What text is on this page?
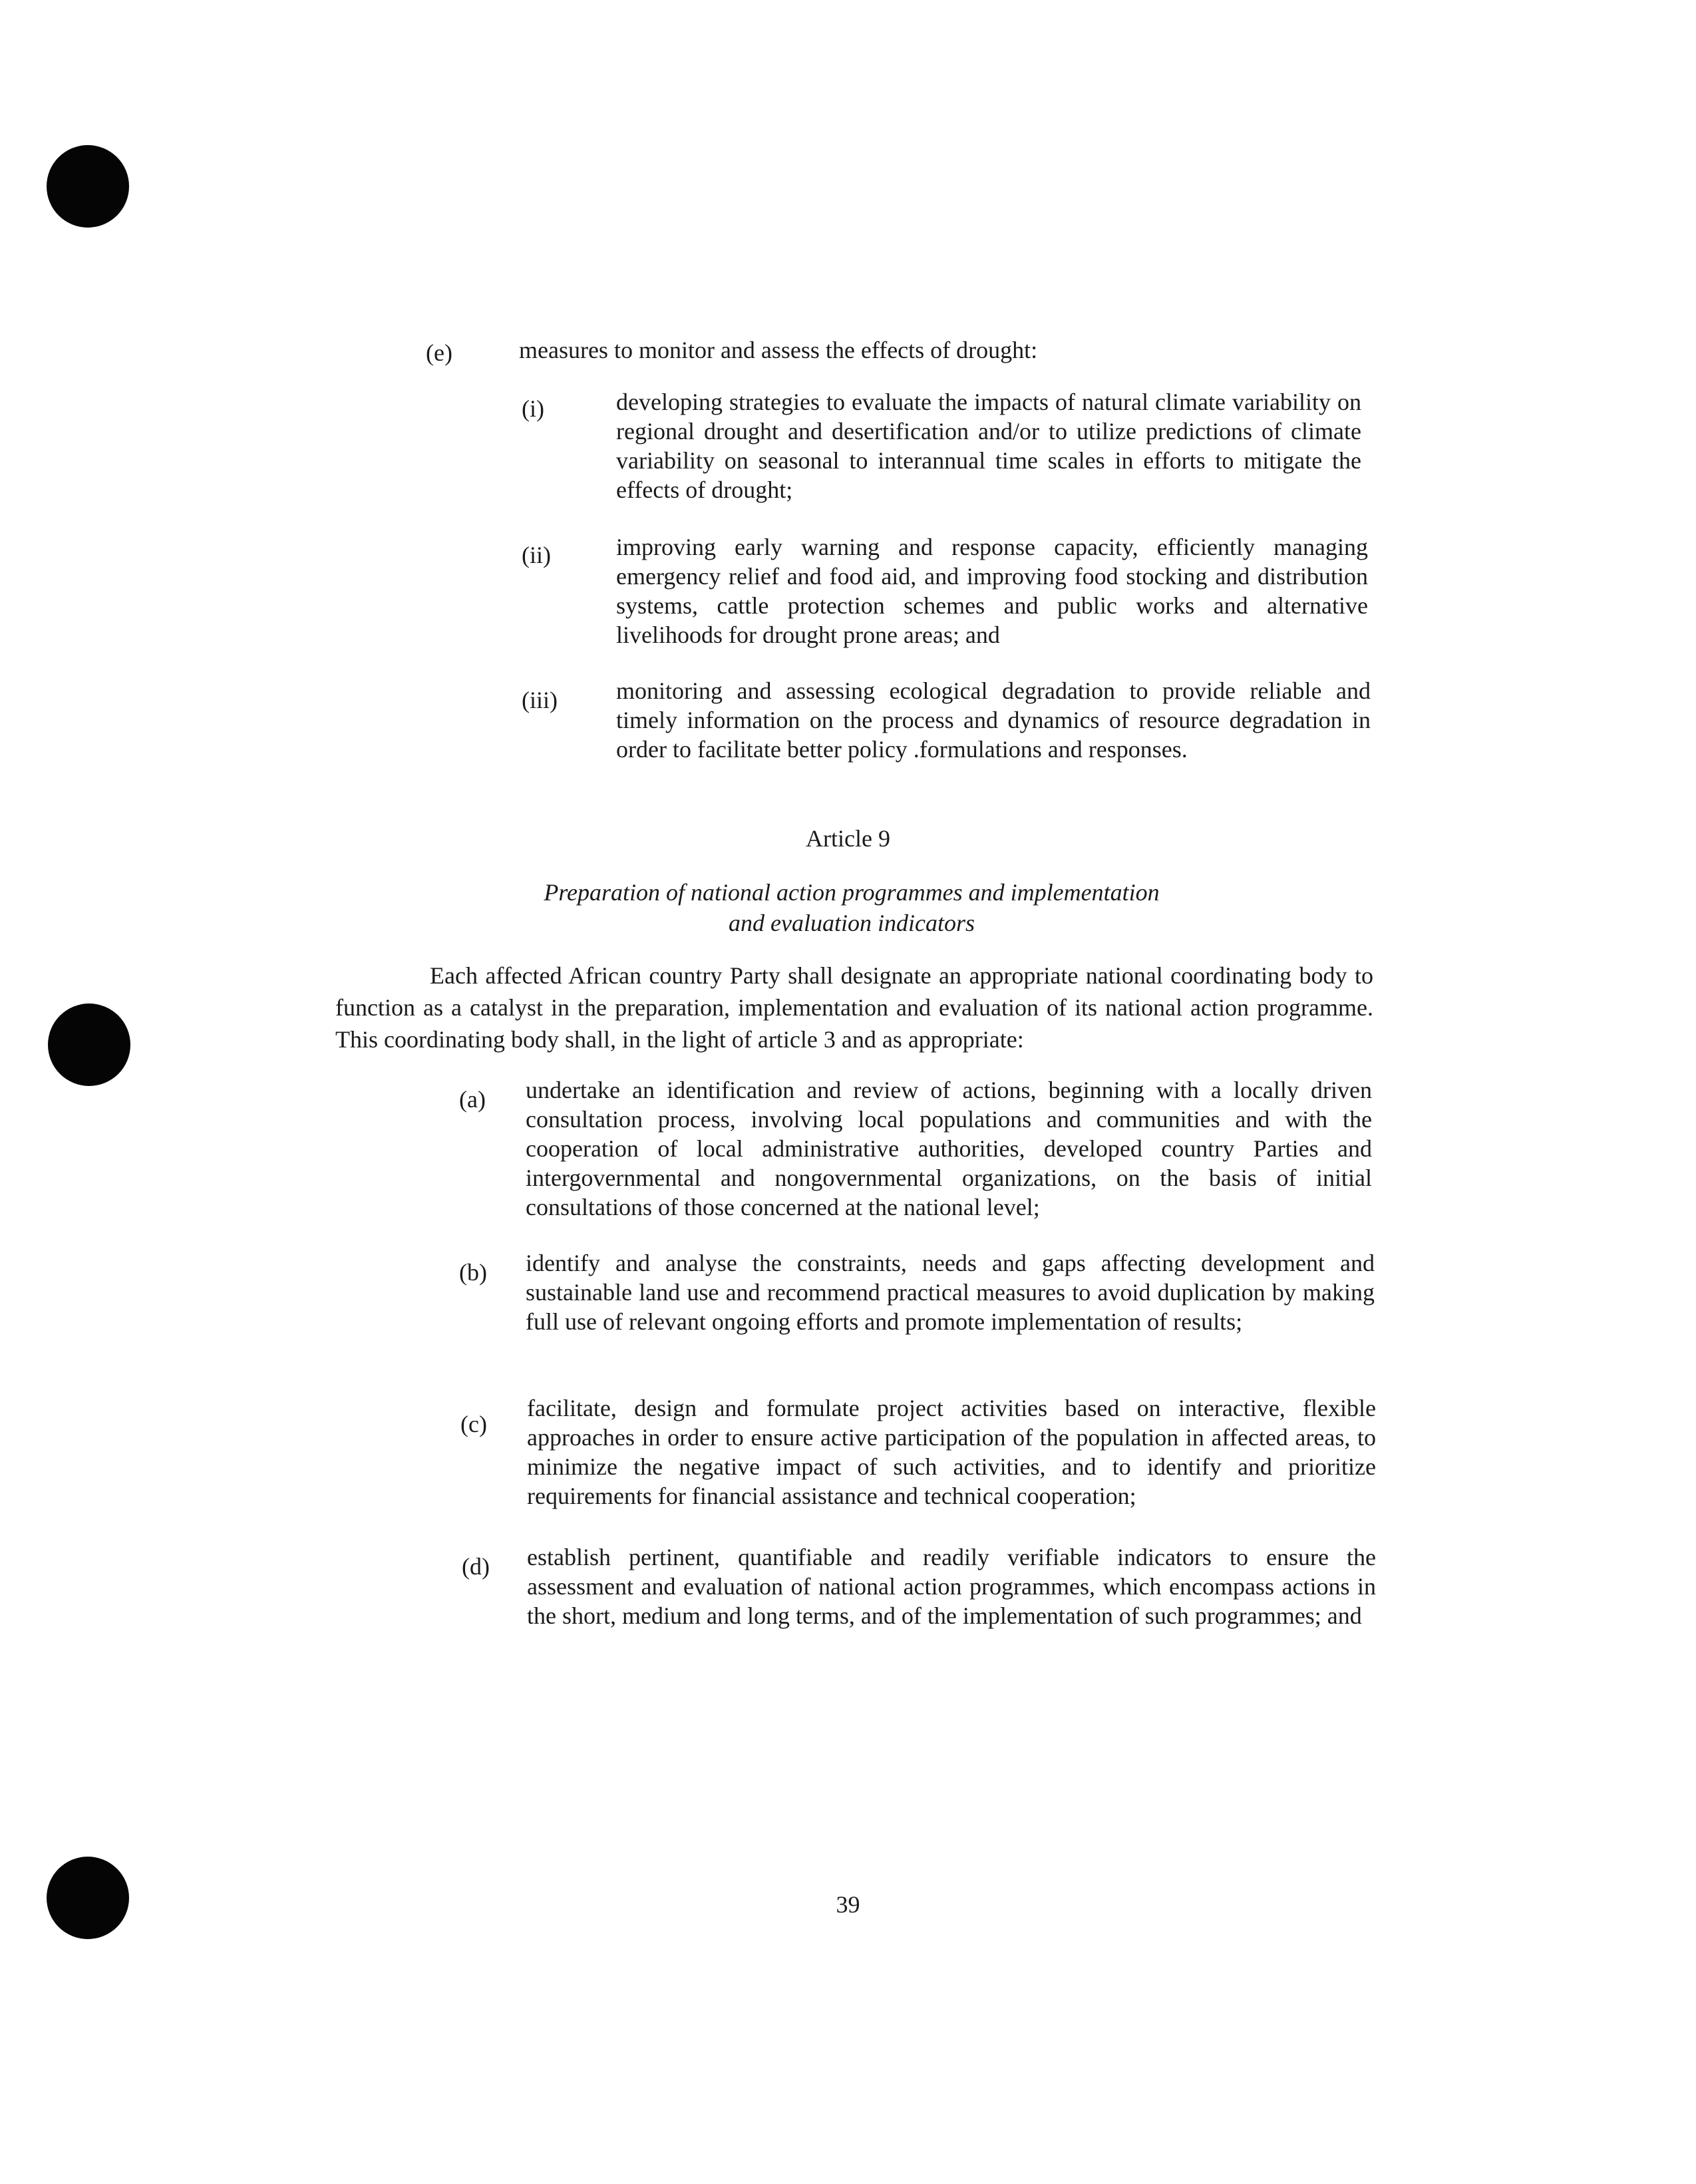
(e)	measures to monitor and assess the effects of drought:

(i)	developing strategies to evaluate the impacts of natural climate variability on regional drought and desertification and/or to utilize predictions of climate variability on seasonal to interannual time scales in efforts to mitigate the effects of drought;

(ii)	improving early warning and response capacity, efficiently managing emergency relief and food aid, and improving food stocking and distribution systems, cattle protection schemes and public works and alternative livelihoods for drought prone areas; and

(iii) monitoring and assessing ecological degradation to provide reliable and timely information on the process and dynamics of resource degradation in order to facilitate better policy .formulations and responses.

Article 9

Preparation of national action programmes and implementation
and evaluation indicators

Each affected African country Party shall designate an appropriate national coordinating body to function as a catalyst in the preparation, implementation and evaluation of its national action programme. This coordinating body shall, in the light of article 3 and as appropriate:

(a) undertake an identification and review of actions, beginning with a locally driven consultation process, involving local populations and communities and with the cooperation of local administrative authorities, developed country Parties and intergovernmental and nongovernmental organizations, on the basis of initial consultations of those concerned at the national level;

(b) identify and analyse the constraints, needs and gaps affecting development and sustainable land use and recommend practical measures to avoid duplication by making full use of relevant ongoing efforts and promote implementation of results;

(c)

facilitate, design and formulate project activities based on interactive, flexible approaches in order to ensure active participation of the population in affected areas, to minimize the negative impact of such activities, and to identify and prioritize requirements for financial assistance and technical cooperation;

(d) establish pertinent, quantifiable and readily verifiable indicators to ensure the assessment and evaluation of national action programmes, which encompass actions in the short, medium and long terms, and of the implementation of such programmes; and

39
